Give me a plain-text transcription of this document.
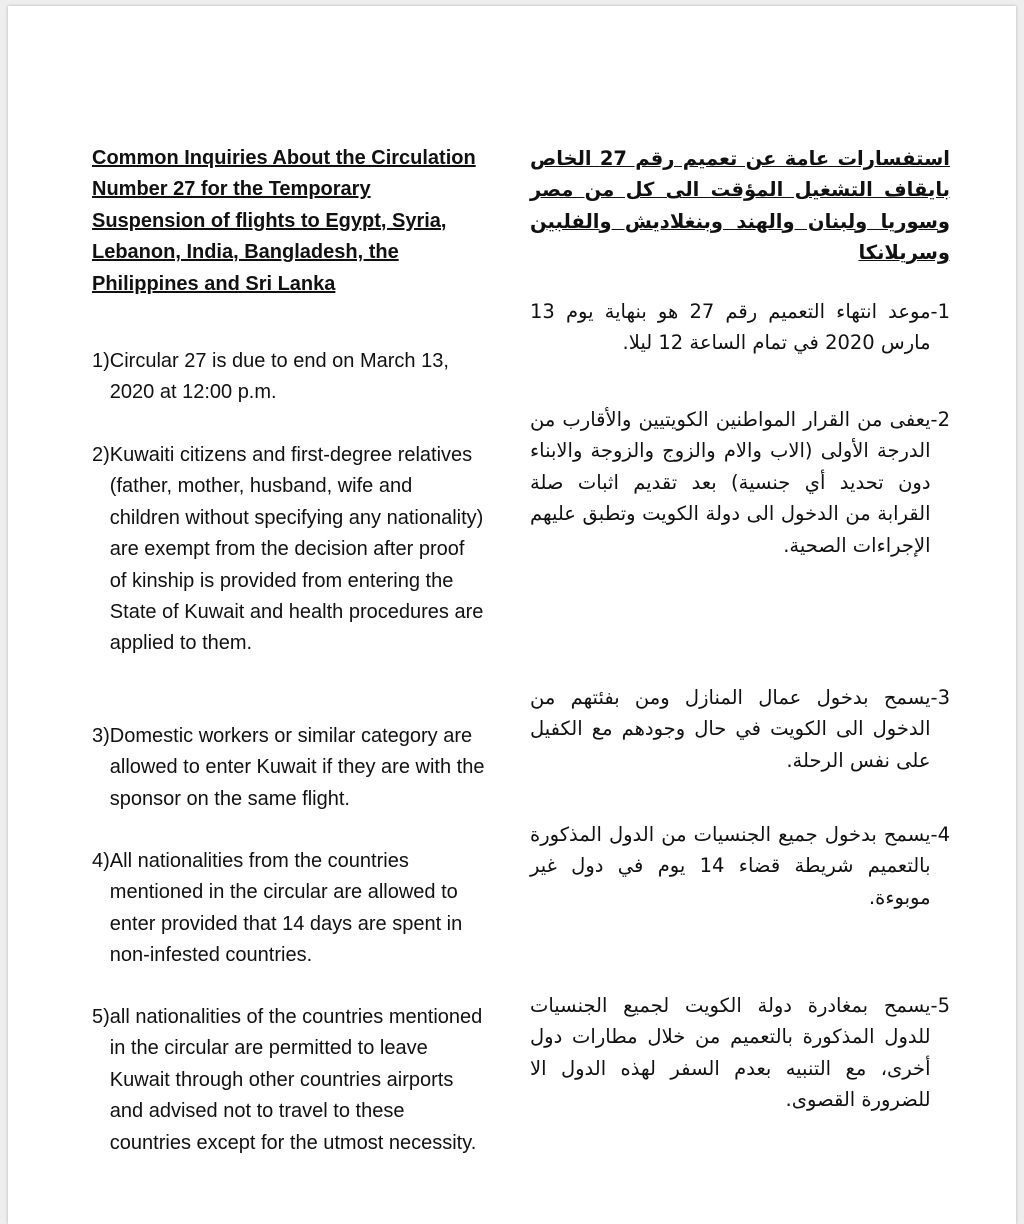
Common Inquiries About the Circulation Number 27 for the Temporary Suspension of flights to Egypt, Syria, Lebanon, India, Bangladesh, the Philippines and Sri Lanka
1) Circular 27 is due to end on March 13, 2020 at 12:00 p.m.
2) Kuwaiti citizens and first-degree relatives (father, mother, husband, wife and children without specifying any nationality) are exempt from the decision after proof of kinship is provided from entering the State of Kuwait and health procedures are applied to them.
3) Domestic workers or similar category are allowed to enter Kuwait if they are with the sponsor on the same flight.
4) All nationalities from the countries mentioned in the circular are allowed to enter provided that 14 days are spent in non-infested countries.
5) all nationalities of the countries mentioned in the circular are permitted to leave Kuwait through other countries airports and advised not to travel to these countries except for the utmost necessity.
استفسارات عامة عن تعميم رقم 27 الخاص بايقاف التشغيل المؤقت الى كل من مصر وسوريا ولبنان والهند وبنغلاديش والفلبين وسريلانكا
1-
موعد انتهاء التعميم رقم 27 هو بنهاية يوم 13 مارس 2020 في تمام الساعة 12 ليلا.
2-
يعفى من القرار المواطنين الكويتيين والأقارب من الدرجة الأولى (الاب والام والزوج والزوجة والابناء دون تحديد أي جنسية) بعد تقديم اثبات صلة القرابة من الدخول الى دولة الكويت وتطبق عليهم الإجراءات الصحية.
3-
يسمح بدخول عمال المنازل ومن بفئتهم من الدخول الى الكويت في حال وجودهم مع الكفيل على نفس الرحلة.
4-
يسمح بدخول جميع الجنسيات من الدول المذكورة بالتعميم شريطة قضاء 14 يوم في دول غير موبوءة.
5-
يسمح بمغادرة دولة الكويت لجميع الجنسيات للدول المذكورة بالتعميم من خلال مطارات دول أخرى، مع التنبيه بعدم السفر لهذه الدول الا للضرورة القصوى.
